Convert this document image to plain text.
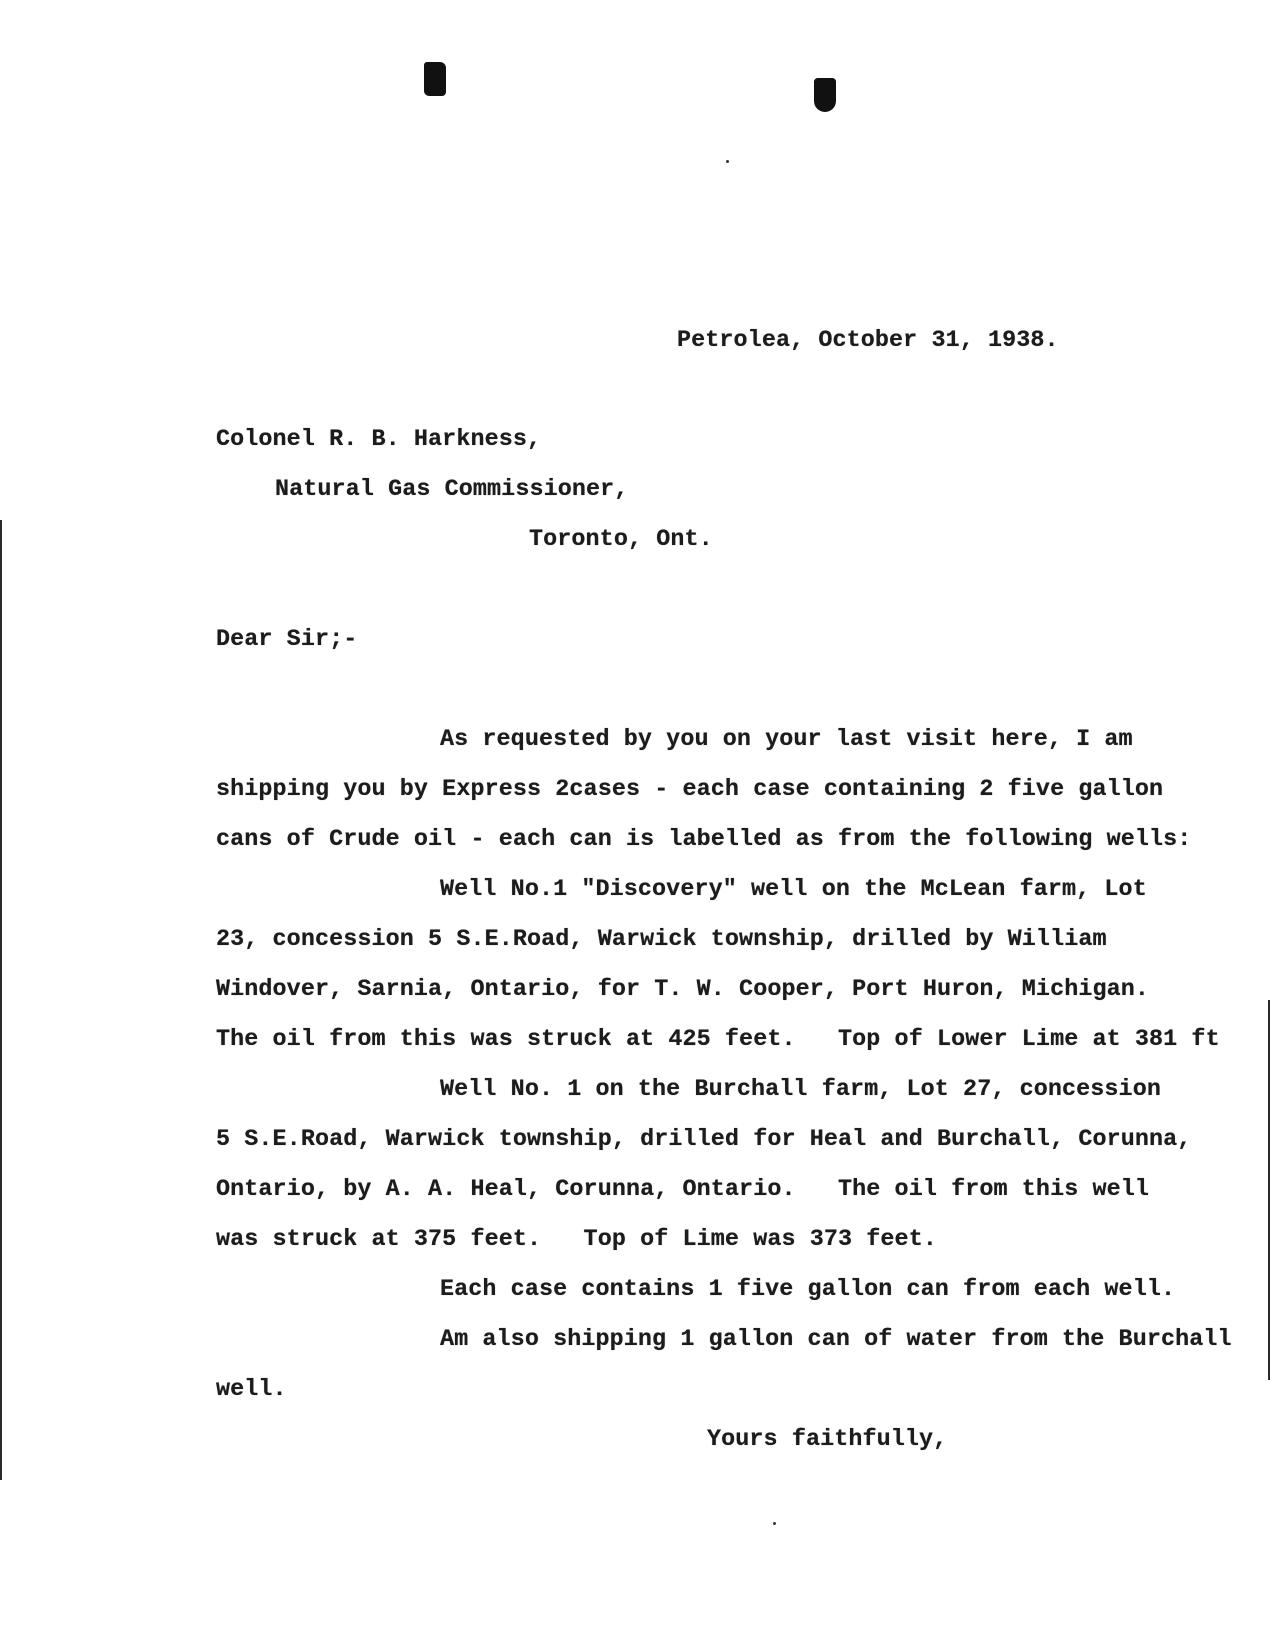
Petrolea, October 31, 1938.
Colonel R. B. Harkness,
Natural Gas Commissioner,
Toronto, Ont.
Dear Sir;-
As requested by you on your last visit here, I am
shipping you by Express 2cases - each case containing 2 five gallon
cans of Crude oil - each can is labelled as from the following wells:
Well No.1 "Discovery" well on the McLean farm, Lot
23, concession 5 S.E.Road, Warwick township, drilled by William
Windover, Sarnia, Ontario, for T. W. Cooper, Port Huron, Michigan.
The oil from this was struck at 425 feet.   Top of Lower Lime at 381 ft
Well No. 1 on the Burchall farm, Lot 27, concession
5 S.E.Road, Warwick township, drilled for Heal and Burchall, Corunna,
Ontario, by A. A. Heal, Corunna, Ontario.   The oil from this well
was struck at 375 feet.   Top of Lime was 373 feet.
Each case contains 1 five gallon can from each well.
Am also shipping 1 gallon can of water from the Burchall
well.
Yours faithfully,
